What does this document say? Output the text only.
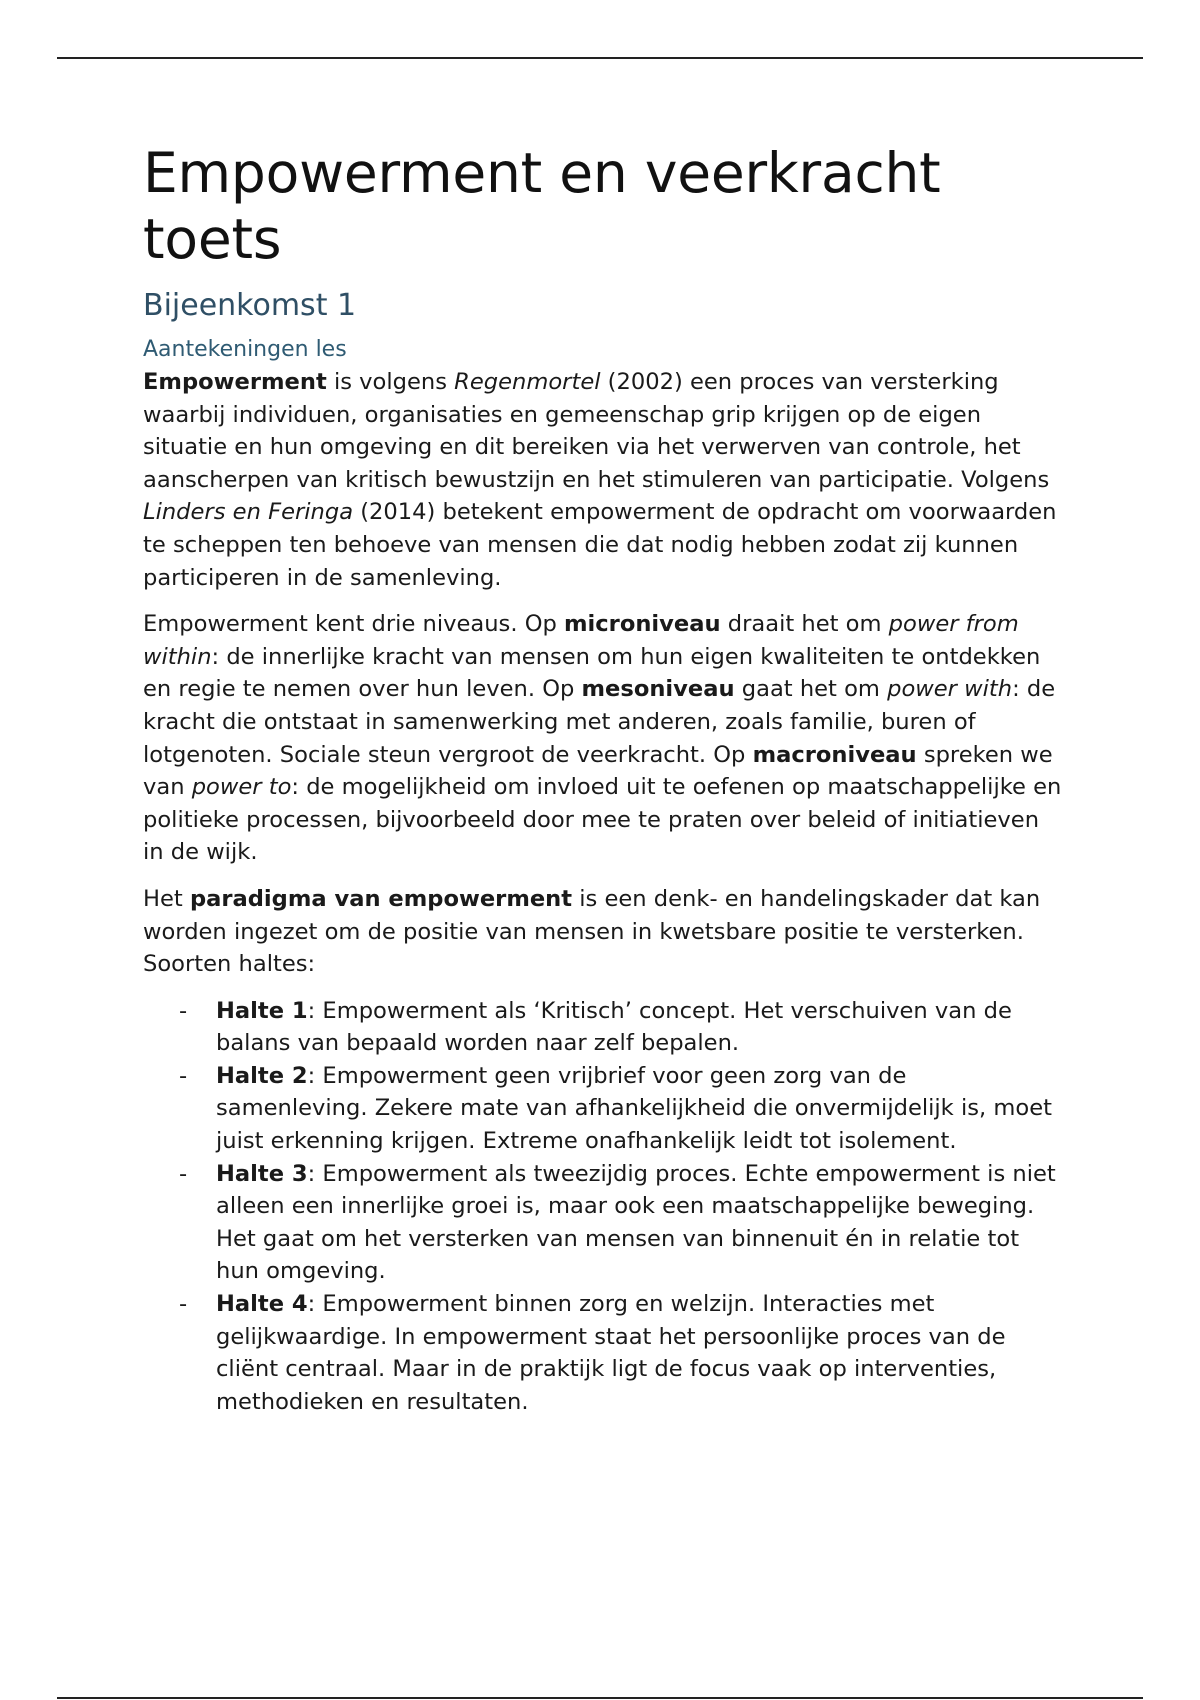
Empowerment en veerkracht toets
Bijeenkomst 1
Aantekeningen les

Empowerment is volgens Regenmortel (2002) een proces van versterking waarbij individuen, organisaties en gemeenschap grip krijgen op de eigen situatie en hun omgeving en dit bereiken via het verwerven van controle, het aanscherpen van kritisch bewustzijn en het stimuleren van participatie. Volgens Linders en Feringa (2014) betekent empowerment de opdracht om voorwaarden te scheppen ten behoeve van mensen die dat nodig hebben zodat zij kunnen participeren in de samenleving.

Empowerment kent drie niveaus. Op microniveau draait het om power from within: de innerlijke kracht van mensen om hun eigen kwaliteiten te ontdekken en regie te nemen over hun leven. Op mesoniveau gaat het om power with: de kracht die ontstaat in samenwerking met anderen, zoals familie, buren of lotgenoten. Sociale steun vergroot de veerkracht. Op macroniveau spreken we van power to: de mogelijkheid om invloed uit te oefenen op maatschappelijke en politieke processen, bijvoorbeeld door mee te praten over beleid of initiatieven in de wijk.

Het paradigma van empowerment is een denk- en handelingskader dat kan worden ingezet om de positie van mensen in kwetsbare positie te versterken. Soorten haltes:

- Halte 1: Empowerment als ‘Kritisch’ concept. Het verschuiven van de balans van bepaald worden naar zelf bepalen.
- Halte 2: Empowerment geen vrijbrief voor geen zorg van de samenleving. Zekere mate van afhankelijkheid die onvermijdelijk is, moet juist erkenning krijgen. Extreme onafhankelijk leidt tot isolement.
- Halte 3: Empowerment als tweezijdig proces. Echte empowerment is niet alleen een innerlijke groei is, maar ook een maatschappelijke beweging. Het gaat om het versterken van mensen van binnenuit én in relatie tot hun omgeving.
- Halte 4: Empowerment binnen zorg en welzijn. Interacties met gelijkwaardige. In empowerment staat het persoonlijke proces van de cliënt centraal. Maar in de praktijk ligt de focus vaak op interventies, methodieken en resultaten.
